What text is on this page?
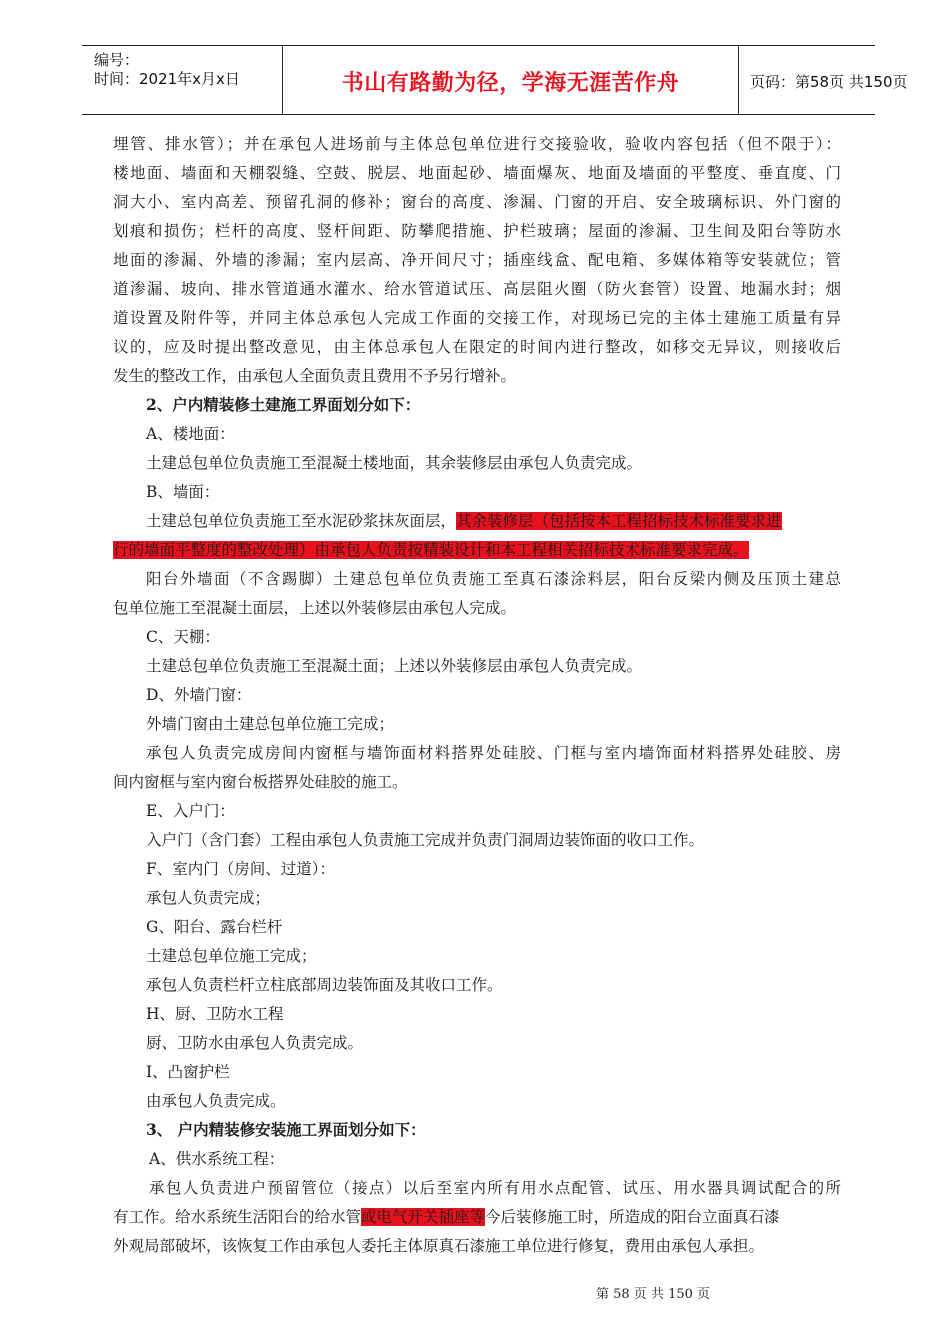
编号：
时间：2021年x月x日	书山有路勤为径，学海无涯苦作舟	页码：第58页 共150页
埋管、排水管）；并在承包人进场前与主体总包单位进行交接验收，验收内容包括（但不限于）：
楼地面、墙面和天棚裂缝、空鼓、脱层、地面起砂、墙面爆灰、地面及墙面的平整度、垂直度、门
洞大小、室内高差、预留孔洞的修补；窗台的高度、渗漏、门窗的开启、安全玻璃标识、外门窗的
划痕和损伤；栏杆的高度、竖杆间距、防攀爬措施、护栏玻璃；屋面的渗漏、卫生间及阳台等防水
地面的渗漏、外墙的渗漏；室内层高、净开间尺寸；插座线盒、配电箱、多媒体箱等安装就位；管
道渗漏、坡向、排水管道通水灌水、给水管道试压、高层阻火圈（防火套管）设置、地漏水封；烟
道设置及附件等，并同主体总承包人完成工作面的交接工作，对现场已完的主体土建施工质量有异
议的，应及时提出整改意见，由主体总承包人在限定的时间内进行整改，如移交无异议，则接收后
发生的整改工作，由承包人全面负责且费用不予另行增补。
2、户内精装修土建施工界面划分如下：
A、楼地面：
土建总包单位负责施工至混凝土楼地面，其余装修层由承包人负责完成。
B、墙面：
土建总包单位负责施工至水泥砂浆抹灰面层，其余装修层（包括按本工程招标技术标准要求进
行的墙面平整度的整改处理）由承包人负责按精装设计和本工程相关招标技术标准要求完成。
阳台外墙面（不含踢脚）土建总包单位负责施工至真石漆涂料层，阳台反梁内侧及压顶土建总
包单位施工至混凝土面层，上述以外装修层由承包人完成。
C、天棚：
土建总包单位负责施工至混凝土面；上述以外装修层由承包人负责完成。
D、外墙门窗：
外墙门窗由土建总包单位施工完成；
承包人负责完成房间内窗框与墙饰面材料搭界处硅胶、门框与室内墙饰面材料搭界处硅胶、房
间内窗框与室内窗台板搭界处硅胶的施工。
E、入户门：
入户门（含门套）工程由承包人负责施工完成并负责门洞周边装饰面的收口工作。
F、室内门（房间、过道）：
承包人负责完成；
G、阳台、露台栏杆
土建总包单位施工完成；
承包人负责栏杆立柱底部周边装饰面及其收口工作。
H、厨、卫防水工程
厨、卫防水由承包人负责完成。
I、凸窗护栏
由承包人负责完成。
3、 户内精装修安装施工界面划分如下：
A、供水系统工程：
承包人负责进户预留管位（接点）以后至室内所有用水点配管、试压、用水器具调试配合的所
有工作。给水系统生活阳台的给水管或电气开关插座等今后装修施工时，所造成的阳台立面真石漆
外观局部破坏，该恢复工作由承包人委托主体原真石漆施工单位进行修复，费用由承包人承担。
第 58 页 共 150 页
